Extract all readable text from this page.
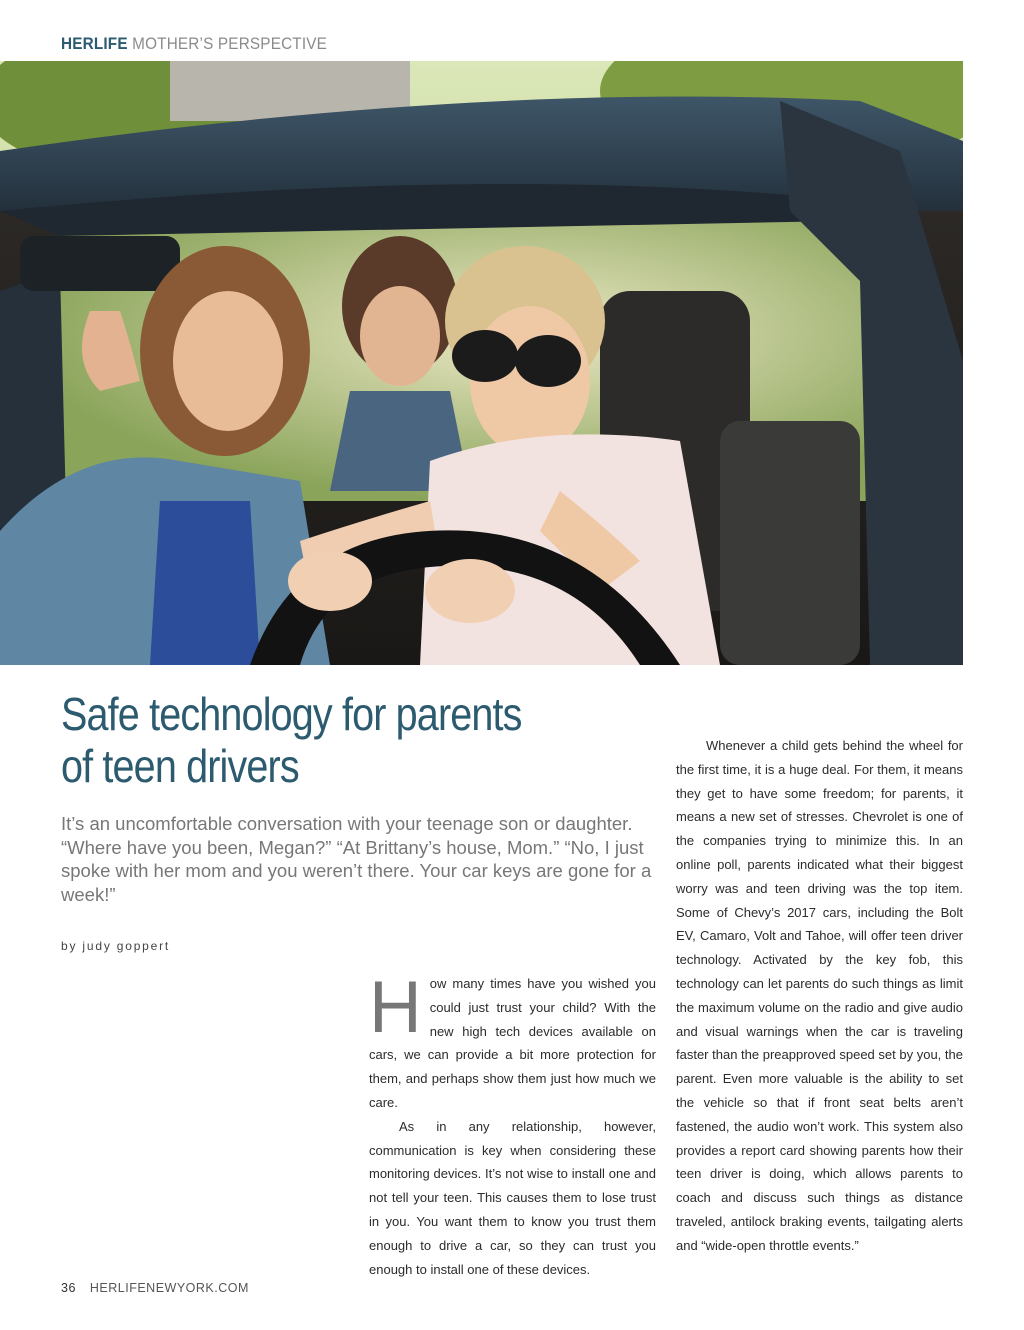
HERLIFE MOTHER’S PERSPECTIVE
Safe technology for parents
of teen drivers

It’s an uncomfortable conversation with your teenage son or daughter. “Where have you been, Megan?” “At Brittany’s house, Mom.” “No, I just spoke with her mom and you weren’t there. Your car keys are gone for a week!”

by judy goppert

How many times have you wished you could just trust your child? With the new high tech devices available on cars, we can provide a bit more protection for them, and perhaps show them just how much we care.

As in any relationship, however, communication is key when considering these monitoring devices. It’s not wise to install one and not tell your teen. This causes them to lose trust in you. You want them to know you trust them enough to drive a car, so they can trust you enough to install one of these devices.

Whenever a child gets behind the wheel for the first time, it is a huge deal. For them, it means they get to have some freedom; for parents, it means a new set of stresses. Chevrolet is one of the companies trying to minimize this. In an online poll, parents indicated what their biggest worry was and teen driving was the top item. Some of Chevy’s 2017 cars, including the Bolt EV, Camaro, Volt and Tahoe, will offer teen driver technology. Activated by the key fob, this technology can let parents do such things as limit the maximum volume on the radio and give audio and visual warnings when the car is traveling faster than the preapproved speed set by you, the parent. Even more valuable is the ability to set the vehicle so that if front seat belts aren’t fastened, the audio won’t work. This system also provides a report card showing parents how their teen driver is doing, which allows parents to coach and discuss such things as distance traveled, antilock braking events, tailgating alerts and “wide-open throttle events.”

36 HERLIFENEWYORK.COM
